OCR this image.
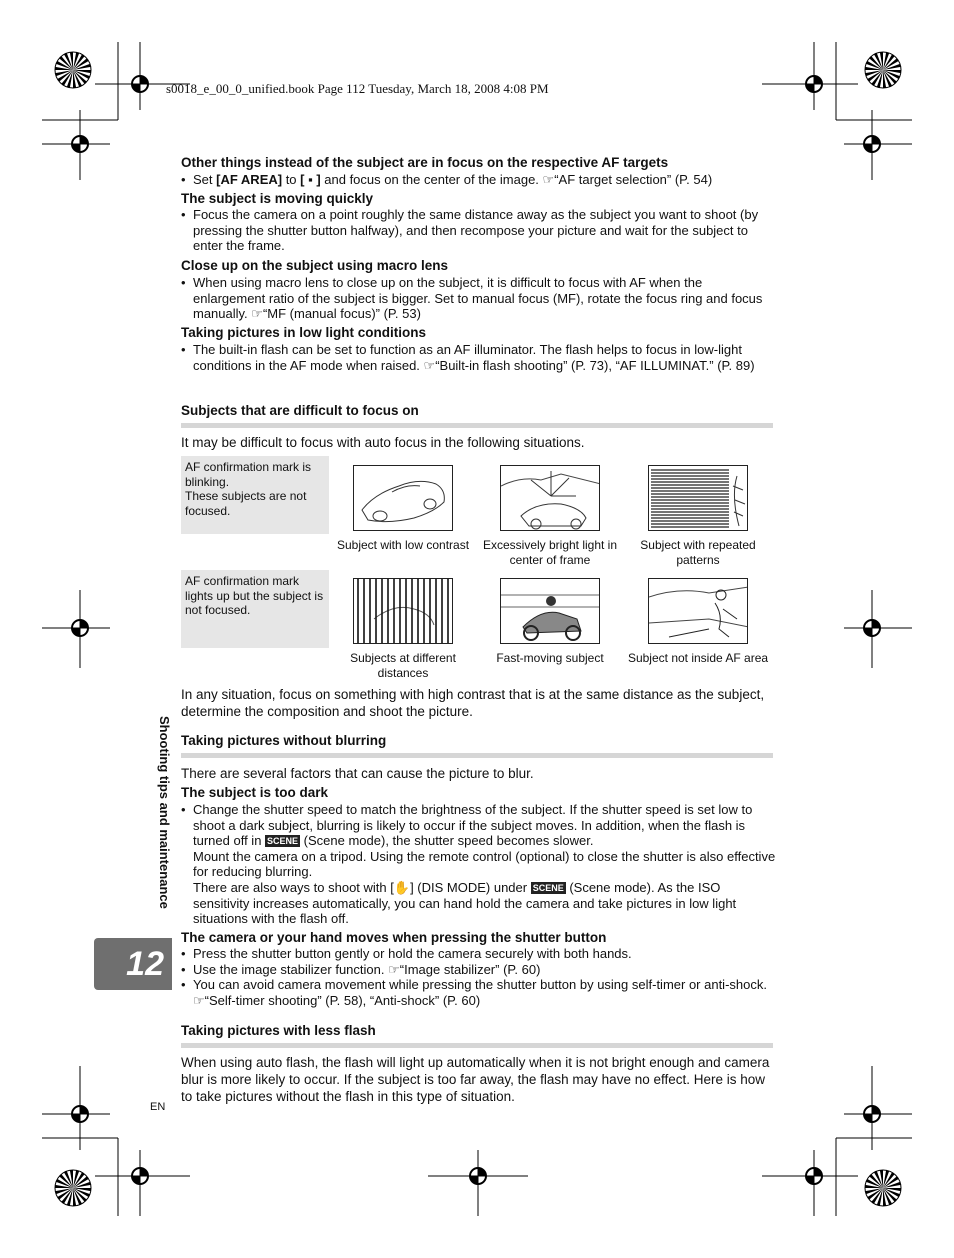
s0018_e_00_0_unified.book Page 112 Tuesday, March 18, 2008 4:08 PM
Other things instead of the subject are in focus on the respective AF targets
• Set [AF AREA] to [ ▪ ] and focus on the center of the image. ☞“AF target selection” (P. 54)
The subject is moving quickly
• Focus the camera on a point roughly the same distance away as the subject you want to shoot (by pressing the shutter button halfway), and then recompose your picture and wait for the subject to enter the frame.
Close up on the subject using macro lens
• When using macro lens to close up on the subject, it is difficult to focus with AF when the enlargement ratio of the subject is bigger. Set to manual focus (MF), rotate the focus ring and focus manually. ☞“MF (manual focus)” (P. 53)
Taking pictures in low light conditions
• The built-in flash can be set to function as an AF illuminator. The flash helps to focus in low-light conditions in the AF mode when raised. ☞“Built-in flash shooting” (P. 73), “AF ILLUMINAT.” (P. 89)
Subjects that are difficult to focus on
It may be difficult to focus with auto focus in the following situations.
AF confirmation mark is blinking.
These subjects are not focused.
AF confirmation mark lights up but the subject is not focused.
Subject with low contrast	Excessively bright light in center of frame
Subject with repeated patterns
Subjects at different distances
Fast-moving subject	Subject not inside AF area
In any situation, focus on something with high contrast that is at the same distance as the subject, determine the composition and shoot the picture.
Taking pictures without blurring
There are several factors that can cause the picture to blur.
The subject is too dark
• Change the shutter speed to match the brightness of the subject. If the shutter speed is set low to shoot a dark subject, blurring is likely to occur if the subject moves. In addition, when the flash is turned off in SCENE (Scene mode), the shutter speed becomes slower.
Mount the camera on a tripod. Using the remote control (optional) to close the shutter is also effective for reducing blurring.
There are also ways to shoot with [✋] (DIS MODE) under SCENE (Scene mode). As the ISO sensitivity increases automatically, you can hand hold the camera and take pictures in low light situations with the flash off.
The camera or your hand moves when pressing the shutter button
• Press the shutter button gently or hold the camera securely with both hands.
• Use the image stabilizer function. ☞“Image stabilizer” (P. 60)
• You can avoid camera movement while pressing the shutter button by using self-timer or anti-shock. ☞“Self-timer shooting” (P. 58), “Anti-shock” (P. 60)
Taking pictures with less flash
When using auto flash, the flash will light up automatically when it is not bright enough and camera blur is more likely to occur. If the subject is too far away, the flash may have no effect. Here is how to take pictures without the flash in this type of situation.
Shooting tips and maintenance
12
EN
